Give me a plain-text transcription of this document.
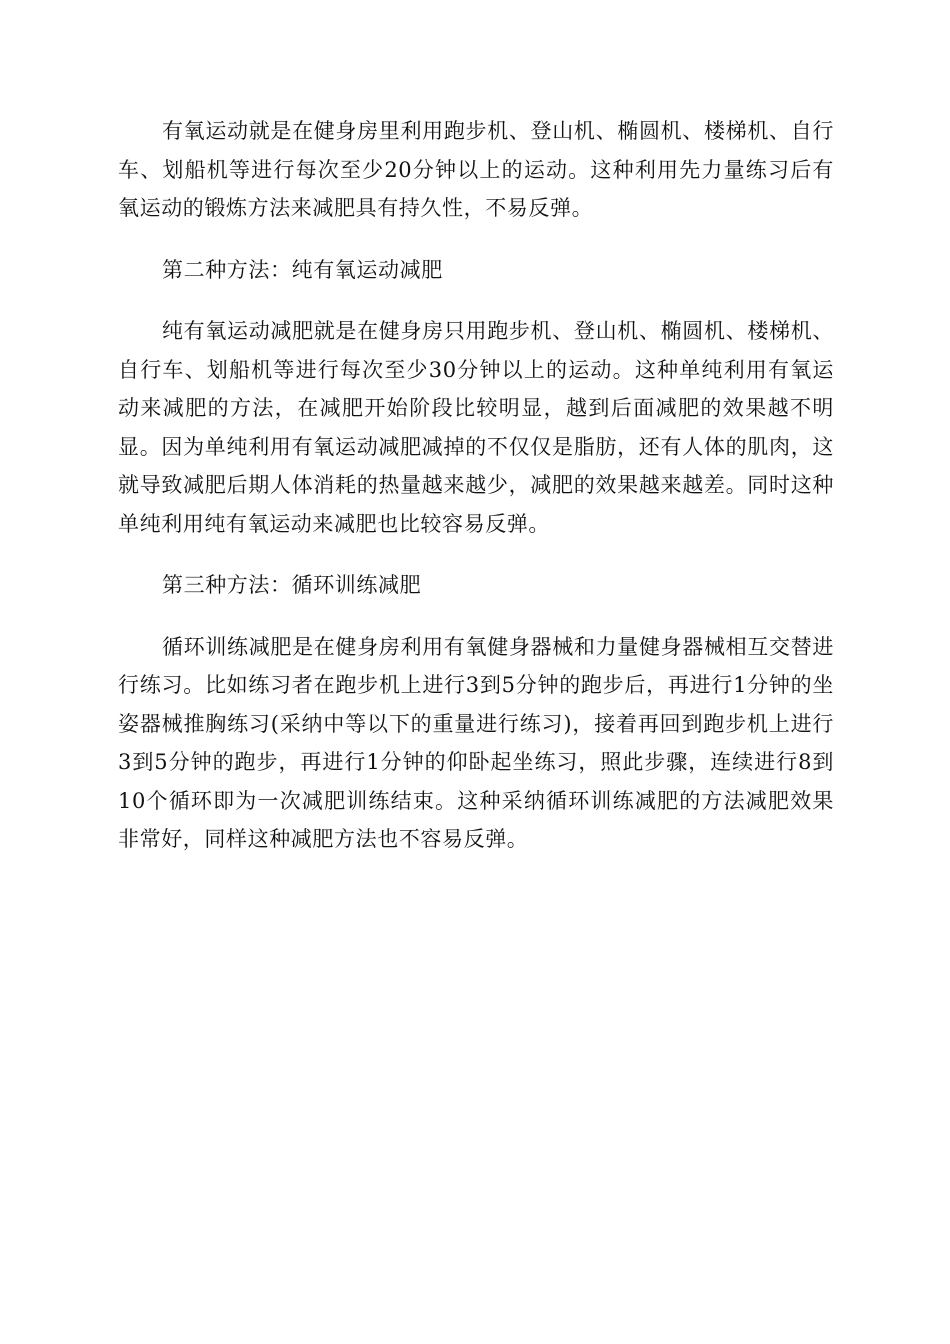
有氧运动就是在健身房里利用跑步机、登山机、椭圆机、楼梯机、自行车、划船机等进行每次至少20分钟以上的运动。这种利用先力量练习后有氧运动的锻炼方法来减肥具有持久性，不易反弹。

第二种方法：纯有氧运动减肥

纯有氧运动减肥就是在健身房只用跑步机、登山机、椭圆机、楼梯机、自行车、划船机等进行每次至少30分钟以上的运动。这种单纯利用有氧运动来减肥的方法，在减肥开始阶段比较明显，越到后面减肥的效果越不明显。因为单纯利用有氧运动减肥减掉的不仅仅是脂肪，还有人体的肌肉，这就导致减肥后期人体消耗的热量越来越少，减肥的效果越来越差。同时这种单纯利用纯有氧运动来减肥也比较容易反弹。

第三种方法：循环训练减肥

循环训练减肥是在健身房利用有氧健身器械和力量健身器械相互交替进行练习。比如练习者在跑步机上进行3到5分钟的跑步后，再进行1分钟的坐姿器械推胸练习(采纳中等以下的重量进行练习)，接着再回到跑步机上进行3到5分钟的跑步，再进行1分钟的仰卧起坐练习，照此步骤，连续进行8到10个循环即为一次减肥训练结束。这种采纳循环训练减肥的方法减肥效果非常好，同样这种减肥方法也不容易反弹。
